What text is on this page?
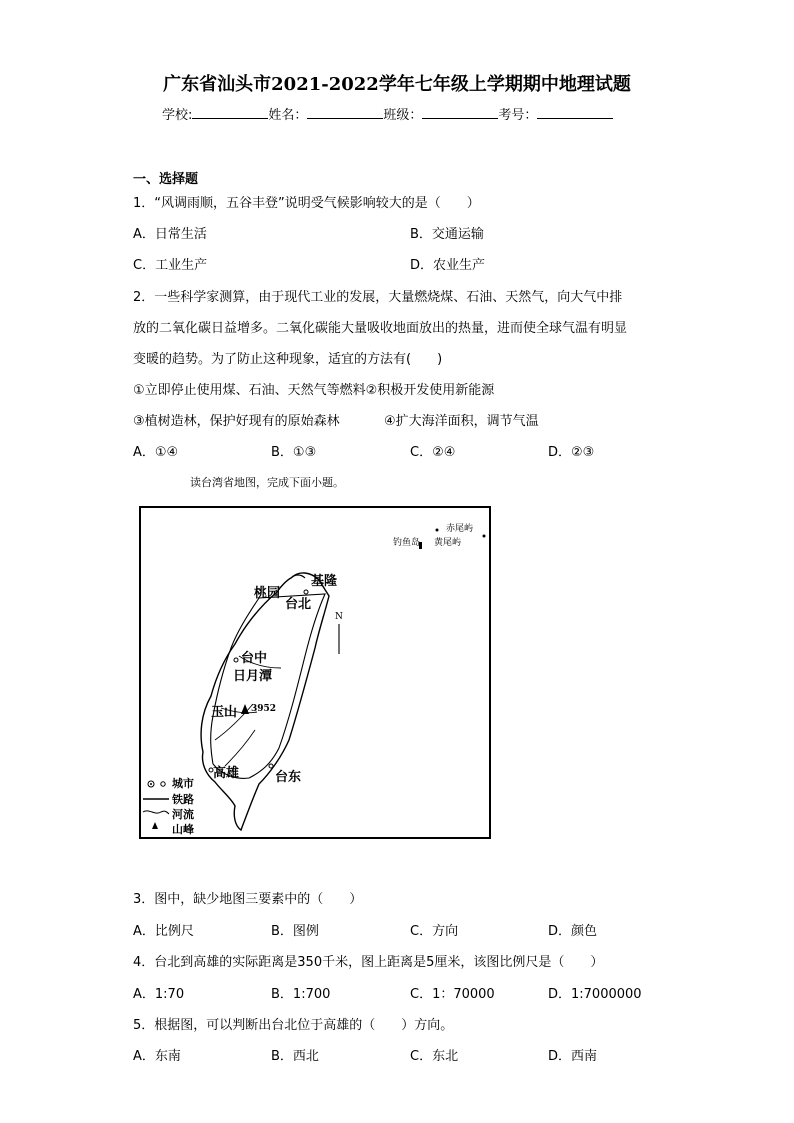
广东省汕头市2021-2022学年七年级上学期期中地理试题
学校:	姓名：	班级：	考号：
一、选择题
1．“风调雨顺，五谷丰登”说明受气候影响较大的是（　　）
A．日常生活	B．交通运输
C．工业生产	D．农业生产
2．一些科学家测算，由于现代工业的发展，大量燃烧煤、石油、天然气，向大气中排
放的二氧化碳日益增多。二氧化碳能大量吸收地面放出的热量，进而使全球气温有明显
变暖的趋势。为了防止这种现象，适宜的方法有(　　)
①立即停止使用煤、石油、天然气等燃料②积极开发使用新能源
③植树造林，保护好现有的原始森林	④扩大海洋面积，调节气温
A．①④	B．①③	C．②④	D．②③
读台湾省地图，完成下面小题。
桃园
基隆
台北
台中
日月潭
玉山 3952
高雄	台东
N
钓鱼岛 黄尾屿
赤尾屿
城市
铁路
河流
山峰
3．图中，缺少地图三要素中的（　　）
A．比例尺	B．图例	C．方向	D．颜色
4．台北到高雄的实际距离是350千米，图上距离是5厘米，该图比例尺是（　　）
A．1:70	B．1:700	C．1：70000	D．1:7000000
5．根据图，可以判断出台北位于高雄的（　　）方向。
A．东南	B．西北	C．东北	D．西南
